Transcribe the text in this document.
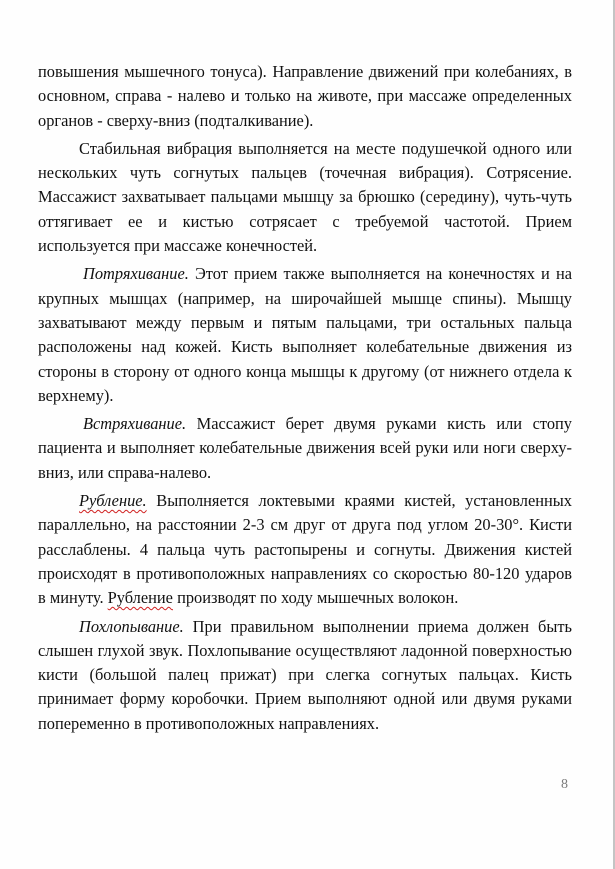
повышения мышечного тонуса). Направление движений при колебаниях, в основном, справа - налево и только на животе, при массаже определенных органов - сверху-вниз (подталкивание).

Стабильная вибрация выполняется на месте подушечкой одного или нескольких чуть согнутых пальцев (точечная вибрация). Сотрясение. Массажист захватывает пальцами мышцу за брюшко (середину), чуть-чуть оттягивает ее и кистью сотрясает с требуемой частотой. Прием используется при массаже конечностей.

Потряхивание. Этот прием также выполняется на конечностях и на крупных мышцах (например, на широчайшей мышце спины). Мышцу захватывают между первым и пятым пальцами, три остальных пальца расположены над кожей. Кисть выполняет колебательные движения из стороны в сторону от одного конца мышцы к другому (от нижнего отдела к верхнему).

Встряхивание. Массажист берет двумя руками кисть или стопу пациента и выполняет колебательные движения всей руки или ноги сверху-вниз, или справа-налево.

Рубление. Выполняется локтевыми краями кистей, установленных параллельно, на расстоянии 2-3 см друг от друга под углом 20-30°. Кисти расслаблены. 4 пальца чуть растопырены и согнуты. Движения кистей происходят в противоположных направлениях со скоростью 80-120 ударов в минуту. Рубление производят по ходу мышечных волокон.

Похлопывание. При правильном выполнении приема должен быть слышен глухой звук. Похлопывание осуществляют ладонной поверхностью кисти (большой палец прижат) при слегка согнутых пальцах. Кисть принимает форму коробочки. Прием выполняют одной или двумя руками попеременно в противоположных направлениях.

8
